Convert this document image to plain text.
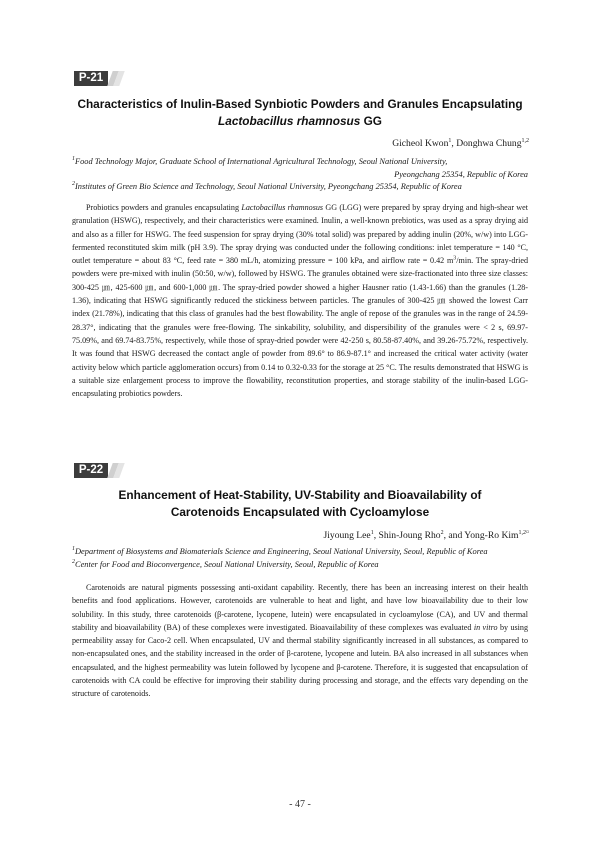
P-21
Characteristics of Inulin-Based Synbiotic Powders and Granules Encapsulating
Lactobacillus rhamnosus GG
Gicheol Kwon$^1$, Donghwa Chung$^{1,2}$
$^1$Food Technology Major, Graduate School of International Agricultural Technology, Seoul National University,
Pyeongchang 25354, Republic of Korea
$^2$Institutes of Green Bio Science and Technology, Seoul National University, Pyeongchang 25354, Republic of Korea

Probiotics powders and granules encapsulating Lactobacillus rhamnosus GG (LGG) were prepared by spray drying and high-shear wet granulation (HSWG), respectively, and their characteristics were examined. Inulin, a well-known prebiotics, was used as a spray drying aid and also as a filler for HSWG. The feed suspension for spray drying (30% total solid) was prepared by adding inulin (20%, w/w) into LGG-fermented reconstituted skim milk (pH 3.9). The spray drying was conducted under the following conditions: inlet temperature = 140 °C, outlet temperature = about 83 °C, feed rate = 380 mL/h, atomizing pressure = 100 kPa, and airflow rate = 0.42 $m^3/\min$. The spray-dried powders were pre-mixed with inulin (50:50, w/w), followed by HSWG. The granules obtained were size-fractionated into three size classes: 300-425 ㎛, 425-600 ㎛, and 600-1,000 ㎛. The spray-dried powder showed a higher Hausner ratio (1.43-1.66) than the granules (1.28-1.36), indicating that HSWG significantly reduced the stickiness between particles. The granules of 300-425 ㎛ showed the lowest Carr index (21.78%), indicating that this class of granules had the best flowability. The angle of repose of the granules was in the range of 24.59-28.37°, indicating that the granules were free-flowing. The sinkability, solubility, and dispersibility of the granules were < 2 s, 69.97-75.09%, and 69.74-83.75%, respectively, while those of spray-dried powder were 42-250 s, 80.58-87.40%, and 39.26-75.72%, respectively. It was found that HSWG decreased the contact angle of powder from 89.6° to 86.9-87.1° and increased the critical water activity (water activity below which particle agglomeration occurs) from 0.14 to 0.32-0.33 for the storage at 25 °C. The results demonstrated that HSWG is a suitable size enlargement process to improve the flowability, reconstitution properties, and storage stability of the inulin-based LGG-encapsulating probiotics powders.

P-22
Enhancement of Heat-Stability, UV-Stability and Bioavailability of
Carotenoids Encapsulated with Cycloamylose
Jiyoung Lee$^1$, Shin-Joung Rho$^2$, and Yong-Ro Kim$^{1,2¤}$
$^1$Department of Biosystems and Biomaterials Science and Engineering, Seoul National University, Seoul, Republic of Korea
$^2$Center for Food and Bioconvergence, Seoul National University, Seoul, Republic of Korea

Carotenoids are natural pigments possessing anti-oxidant capability. Recently, there has been an increasing interest on their health benefits and food applications. However, carotenoids are vulnerable to heat and light, and have low bioavailability due to their low solubility. In this study, three carotenoids (β-carotene, lycopene, lutein) were encapsulated in cycloamylose (CA), and UV and thermal stability and bioavailability (BA) of these complexes were investigated. Bioavailability of these complexes was evaluated in vitro by using permeability assay for Caco-2 cell. When encapsulated, UV and thermal stability significantly increased in all substances, as compared to non-encapsulated ones, and the stability increased in the order of β-carotene, lycopene and lutein. BA also increased in all substances when encapsulated, and the highest permeability was lutein followed by lycopene and β-carotene. Therefore, it is suggested that encapsulation of carotenoids with CA could be effective for improving their stability during processing and storage, and the effects vary depending on the structure of carotenoids.

- 47 -
